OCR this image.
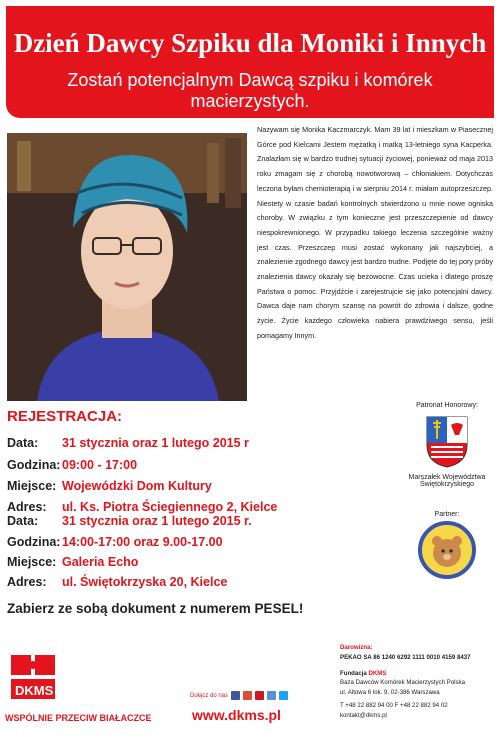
Dzień Dawcy Szpiku dla Moniki i Innych
Zostań potencjalnym Dawcą szpiku i komórek macierzystych.
Nazywam się Monika Kaczmarczyk. Mam 39 lat i mieszkam w Piasecznej Górce pod Kielcami Jestem mężatką i matką 13-letniego syna Kacperka. Znalazłam się w bardzo trudnej sytuacji życiowej, ponieważ od maja 2013 roku zmagam się z chorobą nowotworową – chłoniakiem. Dotychczas leczona byłam chemioterapią i w sierpniu 2014 r. miałam autoprzeszczep. Niestety w czasie badań kontrolnych stwierdzono u mnie nowe ogniska choroby. W związku z tym konieczne jest przeszczepienie od dawcy niespokrewnionego. W przypadku takiego leczenia szczególnie ważny jest czas. Przeszczep musi zostać wykonany jak najszybciej, a znalezienie zgodnego dawcy jest bardzo trudne. Podjęte do tej pory próby znalezienia dawcy okazały się bezowocne. Czas ucieka i dlatego proszę Państwa o pomoc. Przyjdźcie i zarejestrujcie się jako potencjalni dawcy. Dawca daje nam chorym szansę na powrót do zdrowia i dalsze, godne życie. Życie każdego człowieka nabiera prawdziwego sensu, jeśli pomagamy Innym.
REJESTRACJA:
Data:	31 stycznia oraz 1 lutego 2015 r
Godzina: 09:00 - 17:00
Miejsce: Wojewódzki Dom Kultury
Adres:	ul. Ks. Piotra Ściegiennego 2, Kielce
Data:	31 stycznia oraz 1 lutego 2015 r.
Godzina: 14:00-17:00 oraz 9.00-17.00
Miejsce: Galeria Echo
Adres:	ul. Świętokrzyska 20, Kielce
Patronat Honorowy:
Marszałek Województwa
Świętokrzyskiego
Partner:
Zabierz ze sobą dokument z numerem PESEL!
DKMS
WSPÓLNIE PRZECIW BIAŁACZCE
Dołącz do nas
www.dkms.pl
Darowizna:
PEKAO SA 86 1240 6292 1111 0010 4159 8437
Fundacja DKMS
Baza Dawców Komórek Macierzystych Polska
ul. Altowa 6 lok. 9, 02-386 Warszawa
T +48 22 882 94 00 F +48 22 882 94 02
kontakt@dkms.pl
